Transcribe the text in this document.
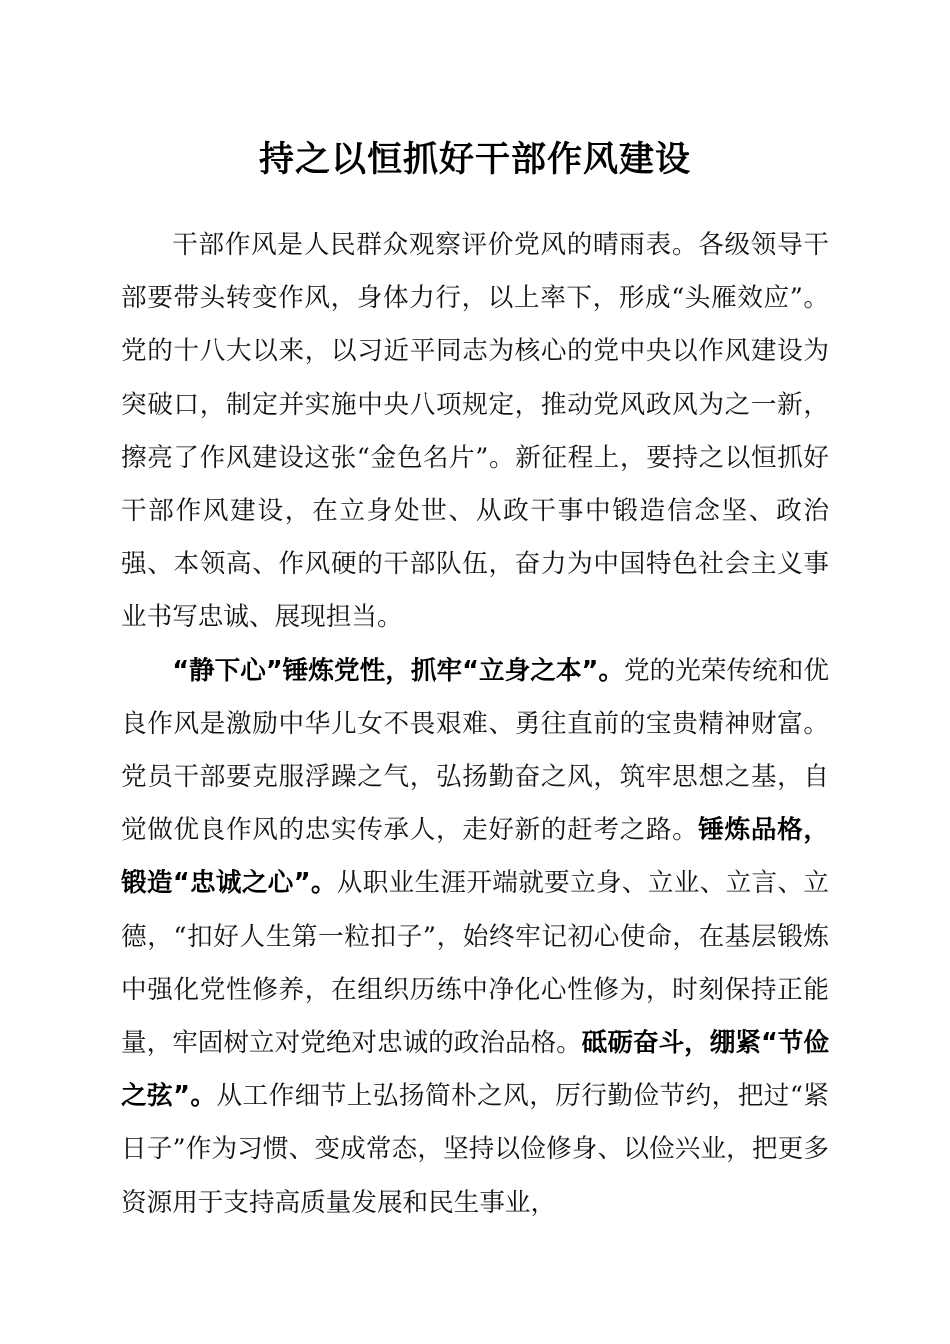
持之以恒抓好干部作风建设

干部作风是人民群众观察评价党风的晴雨表。各级领导干部要带头转变作风，身体力行，以上率下，形成“头雁效应”。党的十八大以来，以习近平同志为核心的党中央以作风建设为突破口，制定并实施中央八项规定，推动党风政风为之一新，擦亮了作风建设这张“金色名片”。新征程上，要持之以恒抓好干部作风建设，在立身处世、从政干事中锻造信念坚、政治强、本领高、作风硬的干部队伍，奋力为中国特色社会主义事业书写忠诚、展现担当。

“静下心”锤炼党性，抓牢“立身之本”。党的光荣传统和优良作风是激励中华儿女不畏艰难、勇往直前的宝贵精神财富。党员干部要克服浮躁之气，弘扬勤奋之风，筑牢思想之基，自觉做优良作风的忠实传承人，走好新的赶考之路。锤炼品格，锻造“忠诚之心”。从职业生涯开端就要立身、立业、立言、立德，“扣好人生第一粒扣子”，始终牢记初心使命，在基层锻炼中强化党性修养，在组织历练中净化心性修为，时刻保持正能量，牢固树立对党绝对忠诚的政治品格。砥砺奋斗，绷紧“节俭之弦”。从工作细节上弘扬简朴之风，厉行勤俭节约，把过“紧日子”作为习惯、变成常态，坚持以俭修身、以俭兴业，把更多资源用于支持高质量发展和民生事业，
